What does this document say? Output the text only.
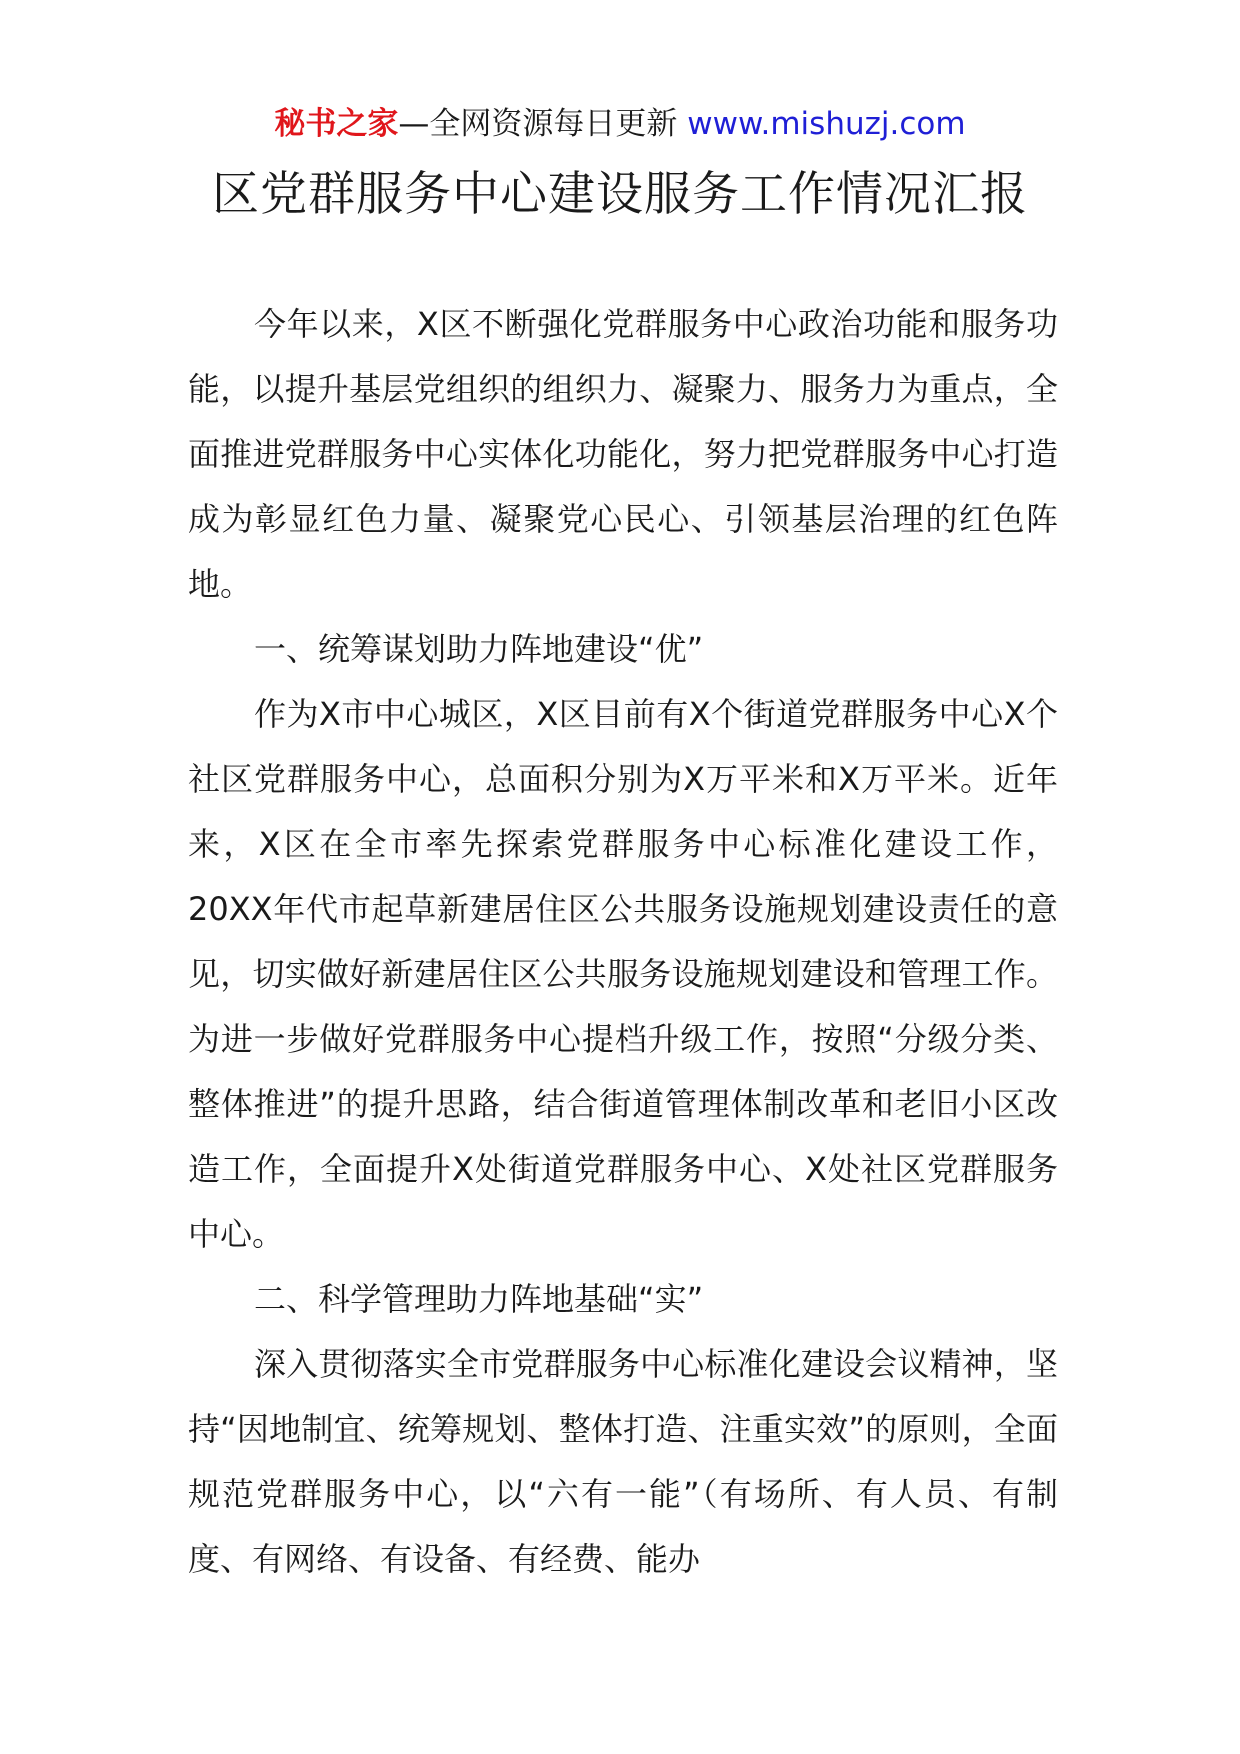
秘书之家—全网资源每日更新 www.mishuzj.com
区党群服务中心建设服务工作情况汇报

今年以来，X区不断强化党群服务中心政治功能和服务功能，以提升基层党组织的组织力、凝聚力、服务力为重点，全面推进党群服务中心实体化功能化，努力把党群服务中心打造成为彰显红色力量、凝聚党心民心、引领基层治理的红色阵地。

一、统筹谋划助力阵地建设“优”

作为X市中心城区，X区目前有X个街道党群服务中心X个社区党群服务中心，总面积分别为X万平米和X万平米。近年来，X区在全市率先探索党群服务中心标准化建设工作，20XX年代市起草新建居住区公共服务设施规划建设责任的意见，切实做好新建居住区公共服务设施规划建设和管理工作。为进一步做好党群服务中心提档升级工作，按照“分级分类、整体推进”的提升思路，结合街道管理体制改革和老旧小区改造工作，全面提升X处街道党群服务中心、X处社区党群服务中心。

二、科学管理助力阵地基础“实”

深入贯彻落实全市党群服务中心标准化建设会议精神，坚持“因地制宜、统筹规划、整体打造、注重实效”的原则，全面规范党群服务中心，以“六有一能”（有场所、有人员、有制度、有网络、有设备、有经费、能办
